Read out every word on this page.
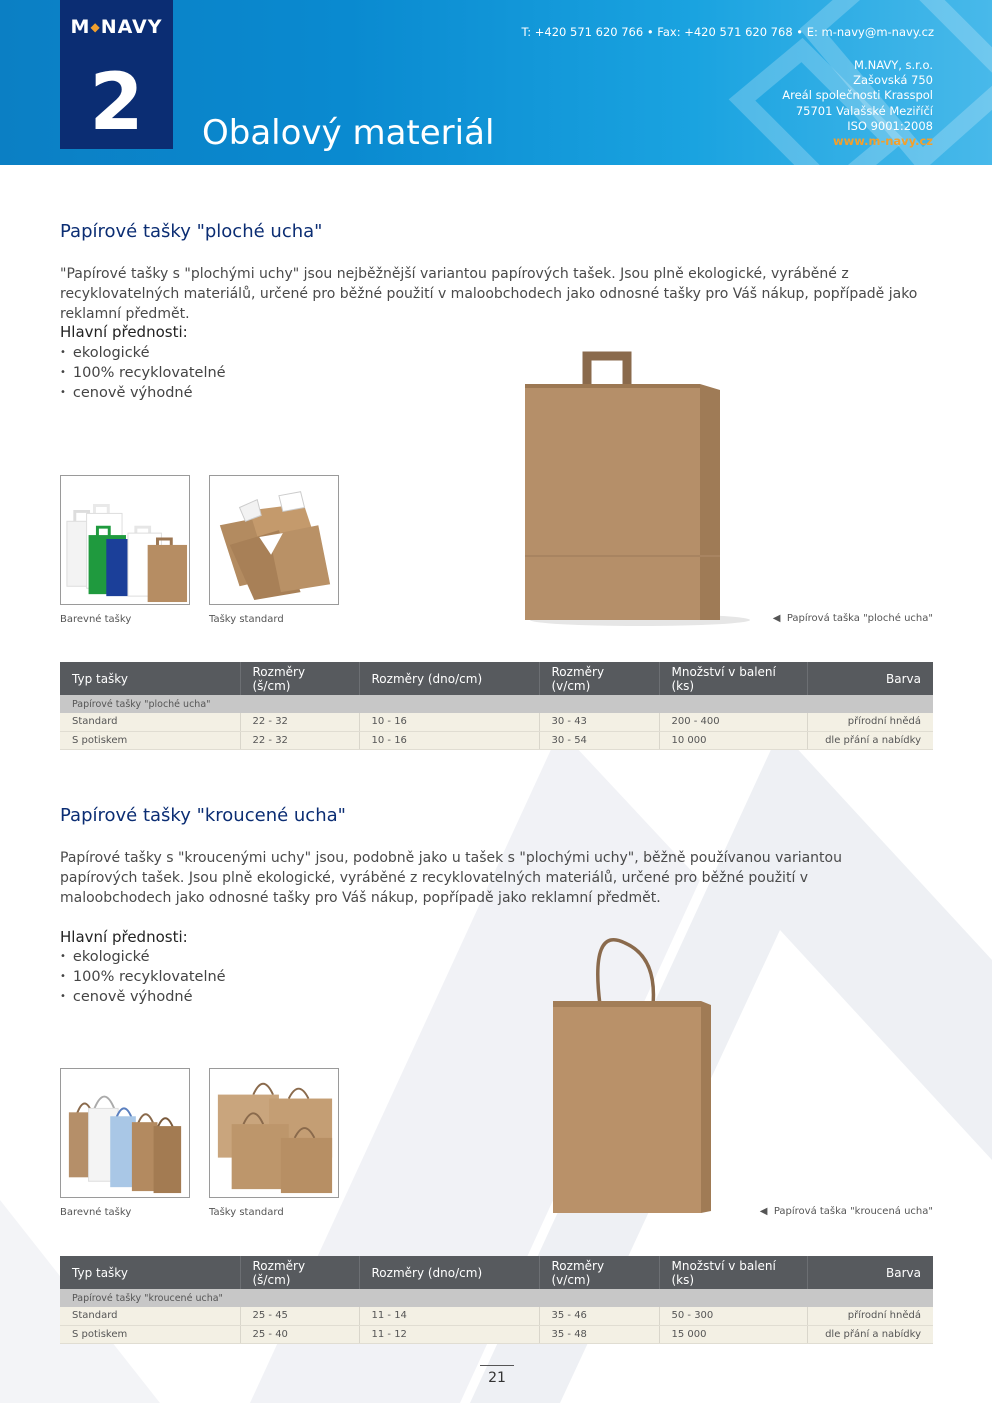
M◆NAVY
2	Obalový materiál
T: +420 571 620 766 • Fax: +420 571 620 768 • E: m-navy@m-navy.cz
M.NAVY, s.r.o.
Zašovská 750
Areál společnosti Krasspol
75701 Valašské Meziříčí
ISO 9001:2008
www.m-navy.cz
Papírové tašky "ploché ucha"
"Papírové tašky s "plochými uchy" jsou nejběžnější variantou papírových tašek. Jsou plně ekologické, vyráběné z recyklovatelných materiálů, určené pro běžné použití v maloobchodech jako odnosné tašky pro Váš nákup, popřípadě jako reklamní předmět.
Hlavní přednosti:
• ekologické
• 100% recyklovatelné
• cenově výhodné
Barevné tašky	Tašky standard	◀  Papírová taška "ploché ucha"
Typ tašky	Rozměry (š/cm)	Rozměry (dno/cm)	Rozměry (v/cm)	Množství v balení (ks)	Barva
Papírové tašky "ploché ucha"					
Standard	22 - 32	10 - 16	30 - 43	200 - 400	přírodní hnědá
S potiskem	22 - 32	10 - 16	30 - 54	10 000	dle přání a nabídky
Papírové tašky "kroucené ucha"
Papírové tašky s "kroucenými uchy" jsou, podobně jako u tašek s "plochými uchy", běžně používanou variantou papírových tašek. Jsou plně ekologické, vyráběné z recyklovatelných materiálů, určené pro běžné použití v maloobchodech jako odnosné tašky pro Váš nákup, popřípadě jako reklamní předmět.
Hlavní přednosti:
• ekologické
• 100% recyklovatelné
• cenově výhodné
Barevné tašky	Tašky standard	◀  Papírová taška "kroucená ucha"
Typ tašky	Rozměry (š/cm)	Rozměry (dno/cm)	Rozměry (v/cm)	Množství v balení (ks)	Barva
Papírové tašky "kroucené ucha"					
Standard	25 - 45	11 - 14	35 - 46	50 - 300	přírodní hnědá
S potiskem	25 - 40	11 - 12	35 - 48	15 000	dle přání a nabídky
21
